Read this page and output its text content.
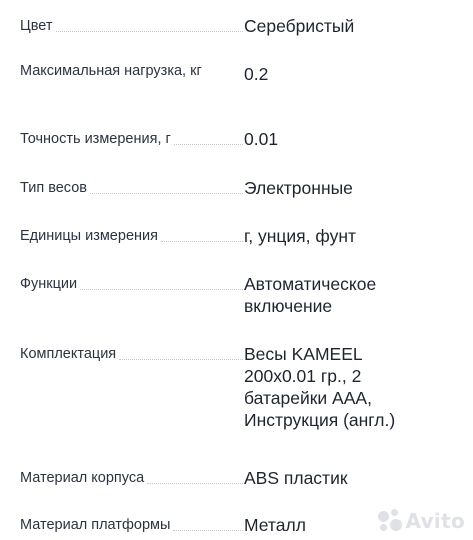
Цвет	Серебристый
Максимальная нагрузка, кг	0.2
Точность измерения, г	0.01
Тип весов	Электронные
Единицы измерения	г, унция, фунт
Функции	Автоматическое включение
Комплектация	Весы KAMEEL 200x0.01 гр., 2 батарейки ААА, Инструкция (англ.)
Материал корпуса	ABS пластик
Материал платформы	Металл	Avito
